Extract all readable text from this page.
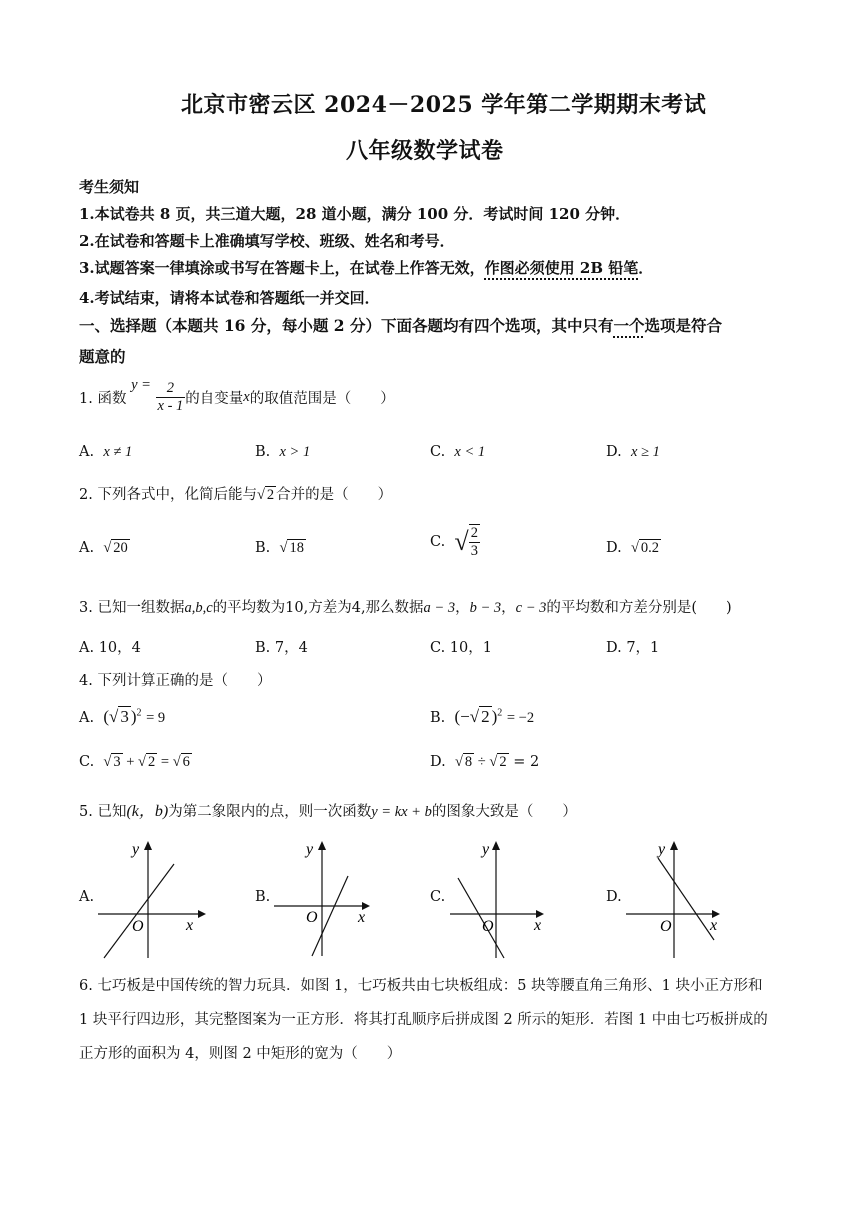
北京市密云区 2024－2025 学年第二学期期末考试
八年级数学试卷
考生须知
1.本试卷共 8 页，共三道大题，28 道小题，满分 100 分．考试时间 120 分钟．
2.在试卷和答题卡上准确填写学校、班级、姓名和考号．
3.试题答案一律填涂或书写在答题卡上，在试卷上作答无效，作图必须使用 2B 铅笔．
4.考试结束，请将本试卷和答题纸一并交回．
一、选择题（本题共 16 分，每小题 2 分）下面各题均有四个选项，其中只有一个选项是符合
题意的
1. 函数 $y = \frac{2}{x - 1}$ 的自变量x的取值范围是（　　）
A. x ≠ 1	B. x > 1	C. x < 1	D. x ≥ 1
2. 下列各式中，化简后能与√ 2 合并的是（　　）
A. √ 20	B. √ 18	C. √ $\frac{2}{3}$	D. √ 0.2
3. 已知一组数据a,b,c的平均数为10,方差为4,那么数据a − 3，b − 3，c − 3的平均数和方差分别是(　　)
A. 10，4	B. 7，4	C. 10，1	D. 7，1
4. 下列计算正确的是（　　）
A. (√ 3 )$^2$ = 9	B. (−√ 2 )$^2$ = −2
C. √ 3 + √ 2 = √ 6	D. √ 8 ÷ √ 2 = 2
5. 已知(k，b)为第二象限内的点，则一次函数y = kx + b的图象大致是（　　）
A.
y
x
O
B.
y
x
O
C.
y
x
O
D.
y
x
O
6. 七巧板是中国传统的智力玩具．如图 1，七巧板共由七块板组成：5 块等腰直角三角形、1 块小正方形和
1 块平行四边形，其完整图案为一正方形．将其打乱顺序后拼成图 2 所示的矩形．若图 1 中由七巧板拼成的
正方形的面积为 4，则图 2 中矩形的宽为（　　）
